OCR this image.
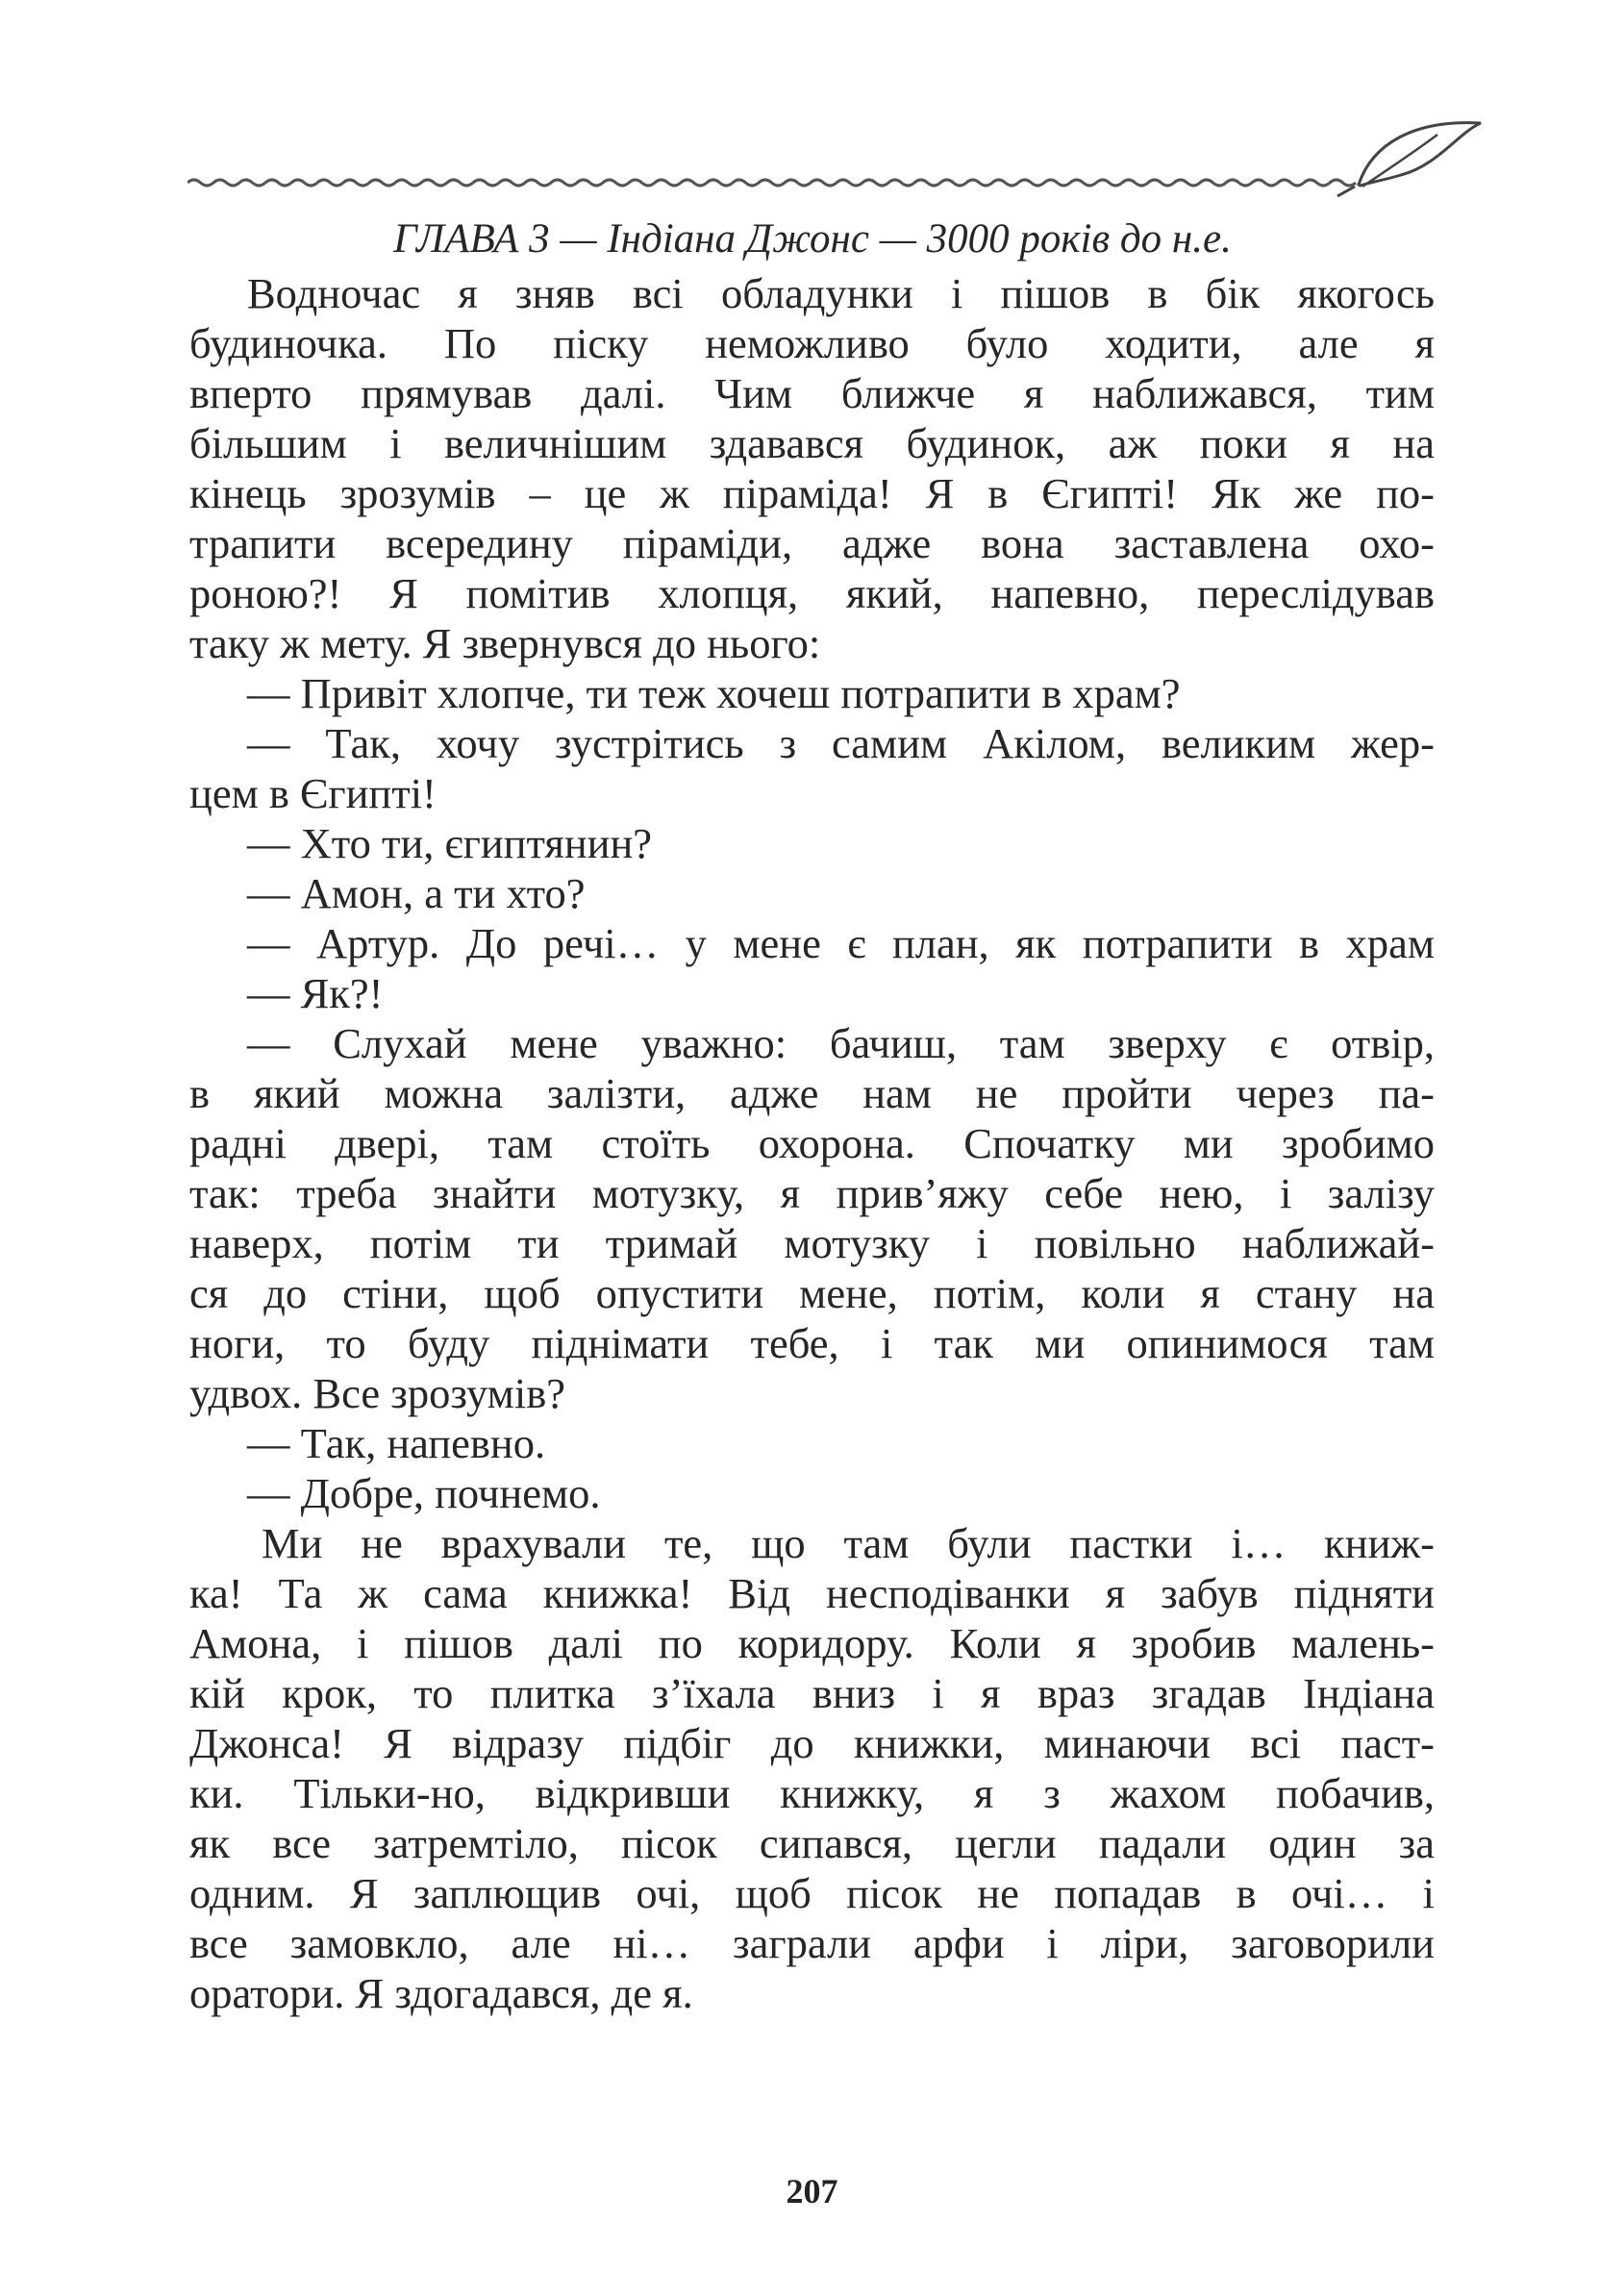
ГЛАВА 3 — Індіана Джонс — 3000 років до н.е.
Водночас я зняв всі обладунки і пішов в бік якогось
будиночка. По піску неможливо було ходити, але я
вперто прямував далі. Чим ближче я наближався, тим
більшим і величнішим здавався будинок, аж поки я на
кінець зрозумів – це ж піраміда! Я в Єгипті! Як же по-
трапити всередину піраміди, адже вона заставлена охо-
роною?! Я помітив хлопця, який, напевно, переслідував
таку ж мету. Я звернувся до нього:
— Привіт хлопче, ти теж хочеш потрапити в храм?
— Так, хочу зустрітись з самим Акілом, великим жер-
цем в Єгипті!
— Хто ти, єгиптянин?
— Амон, а ти хто?
— Артур. До речі… у мене є план, як потрапити в храм
— Як?!
— Слухай мене уважно: бачиш, там зверху є отвір,
в який можна залізти, адже нам не пройти через па-
радні двері, там стоїть охорона. Спочатку ми зробимо
так: треба знайти мотузку, я прив’яжу себе нею, і залізу
наверх, потім ти тримай мотузку і повільно наближай-
ся до стіни, щоб опустити мене, потім, коли я стану на
ноги, то буду піднімати тебе, і так ми опинимося там
удвох. Все зрозумів?
— Так, напевно.
— Добре, почнемо.
Ми не врахували те, що там були пастки і… книж-
ка! Та ж сама книжка! Від несподіванки я забув підняти
Амона, і пішов далі по коридору. Коли я зробив малень-
кій крок, то плитка з’їхала вниз і я враз згадав Індіана
Джонса! Я відразу підбіг до книжки, минаючи всі паст-
ки. Тільки-но, відкривши книжку, я з жахом побачив,
як все затремтіло, пісок сипався, цегли падали один за
одним. Я заплющив очі, щоб пісок не попадав в очі… і
все замовкло, але ні… заграли арфи і ліри, заговорили
оратори. Я здогадався, де я.
207
